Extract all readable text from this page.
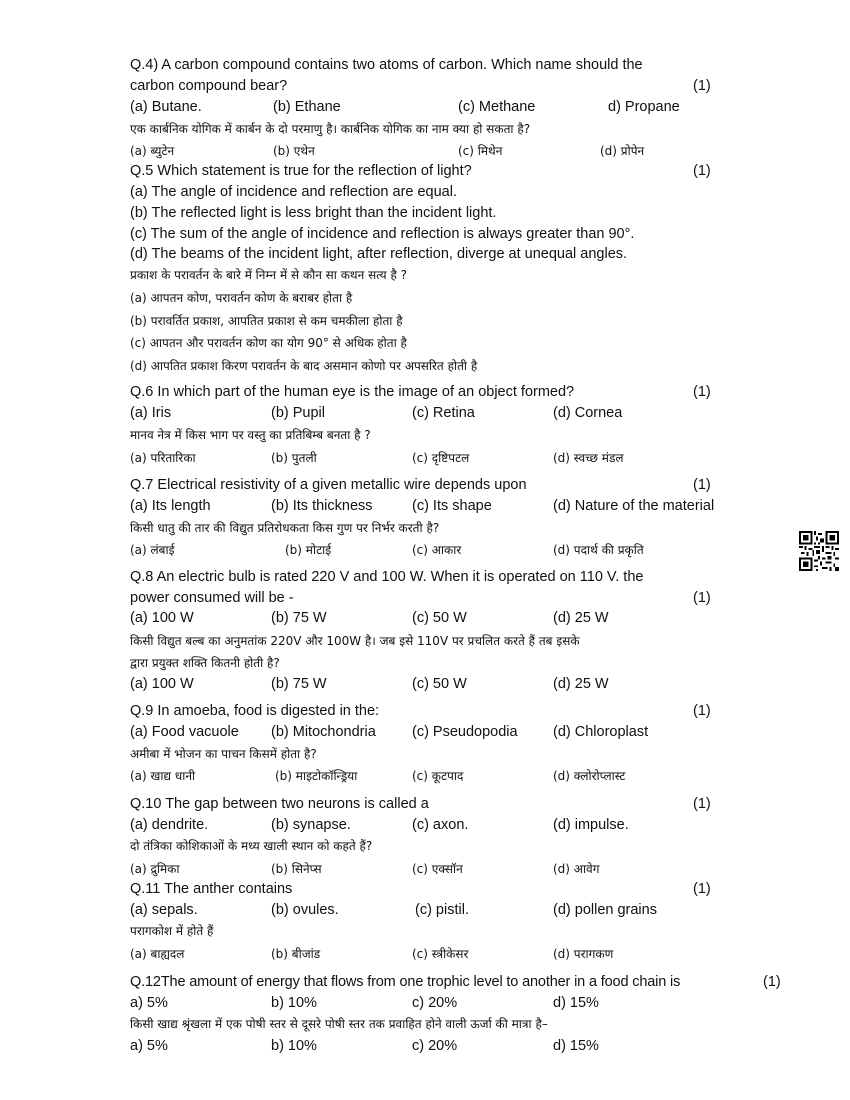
Q.4) A carbon compound contains two atoms of carbon. Which name should the
carbon compound bear?	(1)
(a) Butane.	(b) Ethane	(c) Methane	d) Propane
एक कार्बनिक योगिक में कार्बन के दो परमाणु है। कार्बनिक योगिक का नाम क्या हो सकता है?
(a) ब्युटेन	(b) एथेन	(c) मिथेन	(d) प्रोपेन
Q.5 Which statement is true for the reflection of light?	(1)
(a) The angle of incidence and reflection are equal.
(b) The reflected light is less bright than the incident light.
(c) The sum of the angle of incidence and reflection is always greater than 90°.
(d) The beams of the incident light, after reflection, diverge at unequal angles.
प्रकाश के परावर्तन के बारे में निम्न में से कौन सा कथन सत्य है ?
(a) आपतन कोण, परावर्तन कोण के बराबर होता है
(b) परावर्तित प्रकाश, आपतित प्रकाश से कम चमकीला होता है
(c) आपतन और परावर्तन कोण का योग 90° से अधिक होता है
(d) आपतित प्रकाश किरण परावर्तन के बाद असमान कोणो पर अपसरित होती है
Q.6 In which part of the human eye is the image of an object formed?	(1)
(a) Iris	(b) Pupil	(c) Retina	(d) Cornea
मानव नेत्र में किस भाग पर वस्तु का प्रतिबिम्ब बनता है ?
(a) परितारिका	(b) पुतली	(c) दृष्टिपटल	(d) स्वच्छ मंडल
Q.7 Electrical resistivity of a given metallic wire depends upon	(1)
(a) Its length	(b) Its thickness	(c) Its shape	(d) Nature of the material
किसी धातु की तार की विद्युत प्रतिरोधकता किस गुण पर निर्भर करती है?
(a) लंबाई	(b) मोटाई	(c) आकार	(d) पदार्थ की प्रकृति
Q.8 An electric bulb is rated 220 V and 100 W. When it is operated on 110 V. the
power consumed will be -	(1)
(a) 100 W	(b) 75 W	(c) 50 W	(d) 25 W
किसी विद्युत बल्ब का अनुमतांक 220V और 100W है। जब इसे 110V पर प्रचलित करते हैं तब इसके
द्वारा प्रयुक्त शक्ति कितनी होती है?
(a) 100 W	(b) 75 W	(c) 50 W	(d) 25 W
Q.9 In amoeba, food is digested in the:	(1)
(a) Food vacuole (b) Mitochondria (c) Pseudopodia (d) Chloroplast
अमीबा में भोजन का पाचन किसमें होता है?
(a) खाद्य धानी	(b) माइटोकॉन्ड्रिया	(c) कूटपाद	(d) क्लोरोप्लास्ट
Q.10 The gap between two neurons is called a	(1)
(a) dendrite.	(b) synapse.	(c) axon.	(d) impulse.
दो तंत्रिका कोशिकाओं के मध्य खाली स्थान को कहते हैं?
(a) द्रुमिका	(b) सिनेप्स	(c) एक्सॉन	(d) आवेग
Q.11 The anther contains	(1)
(a) sepals.	(b) ovules.	(c) pistil.	(d) pollen grains
परागकोश में होते हैं
(a) बाह्यदल	(b) बीजांड	(c) स्त्रीकेसर	(d) परागकण
Q.12The amount of energy that flows from one trophic level to another in a food chain is	(1)
a) 5%	b) 10%	c) 20%	d) 15%
किसी खाद्य श्रृंखला में एक पोषी स्तर से दूसरे पोषी स्तर तक प्रवाहित होने वाली ऊर्जा की मात्रा है–
a) 5%	b) 10%	c) 20%	d) 15%
